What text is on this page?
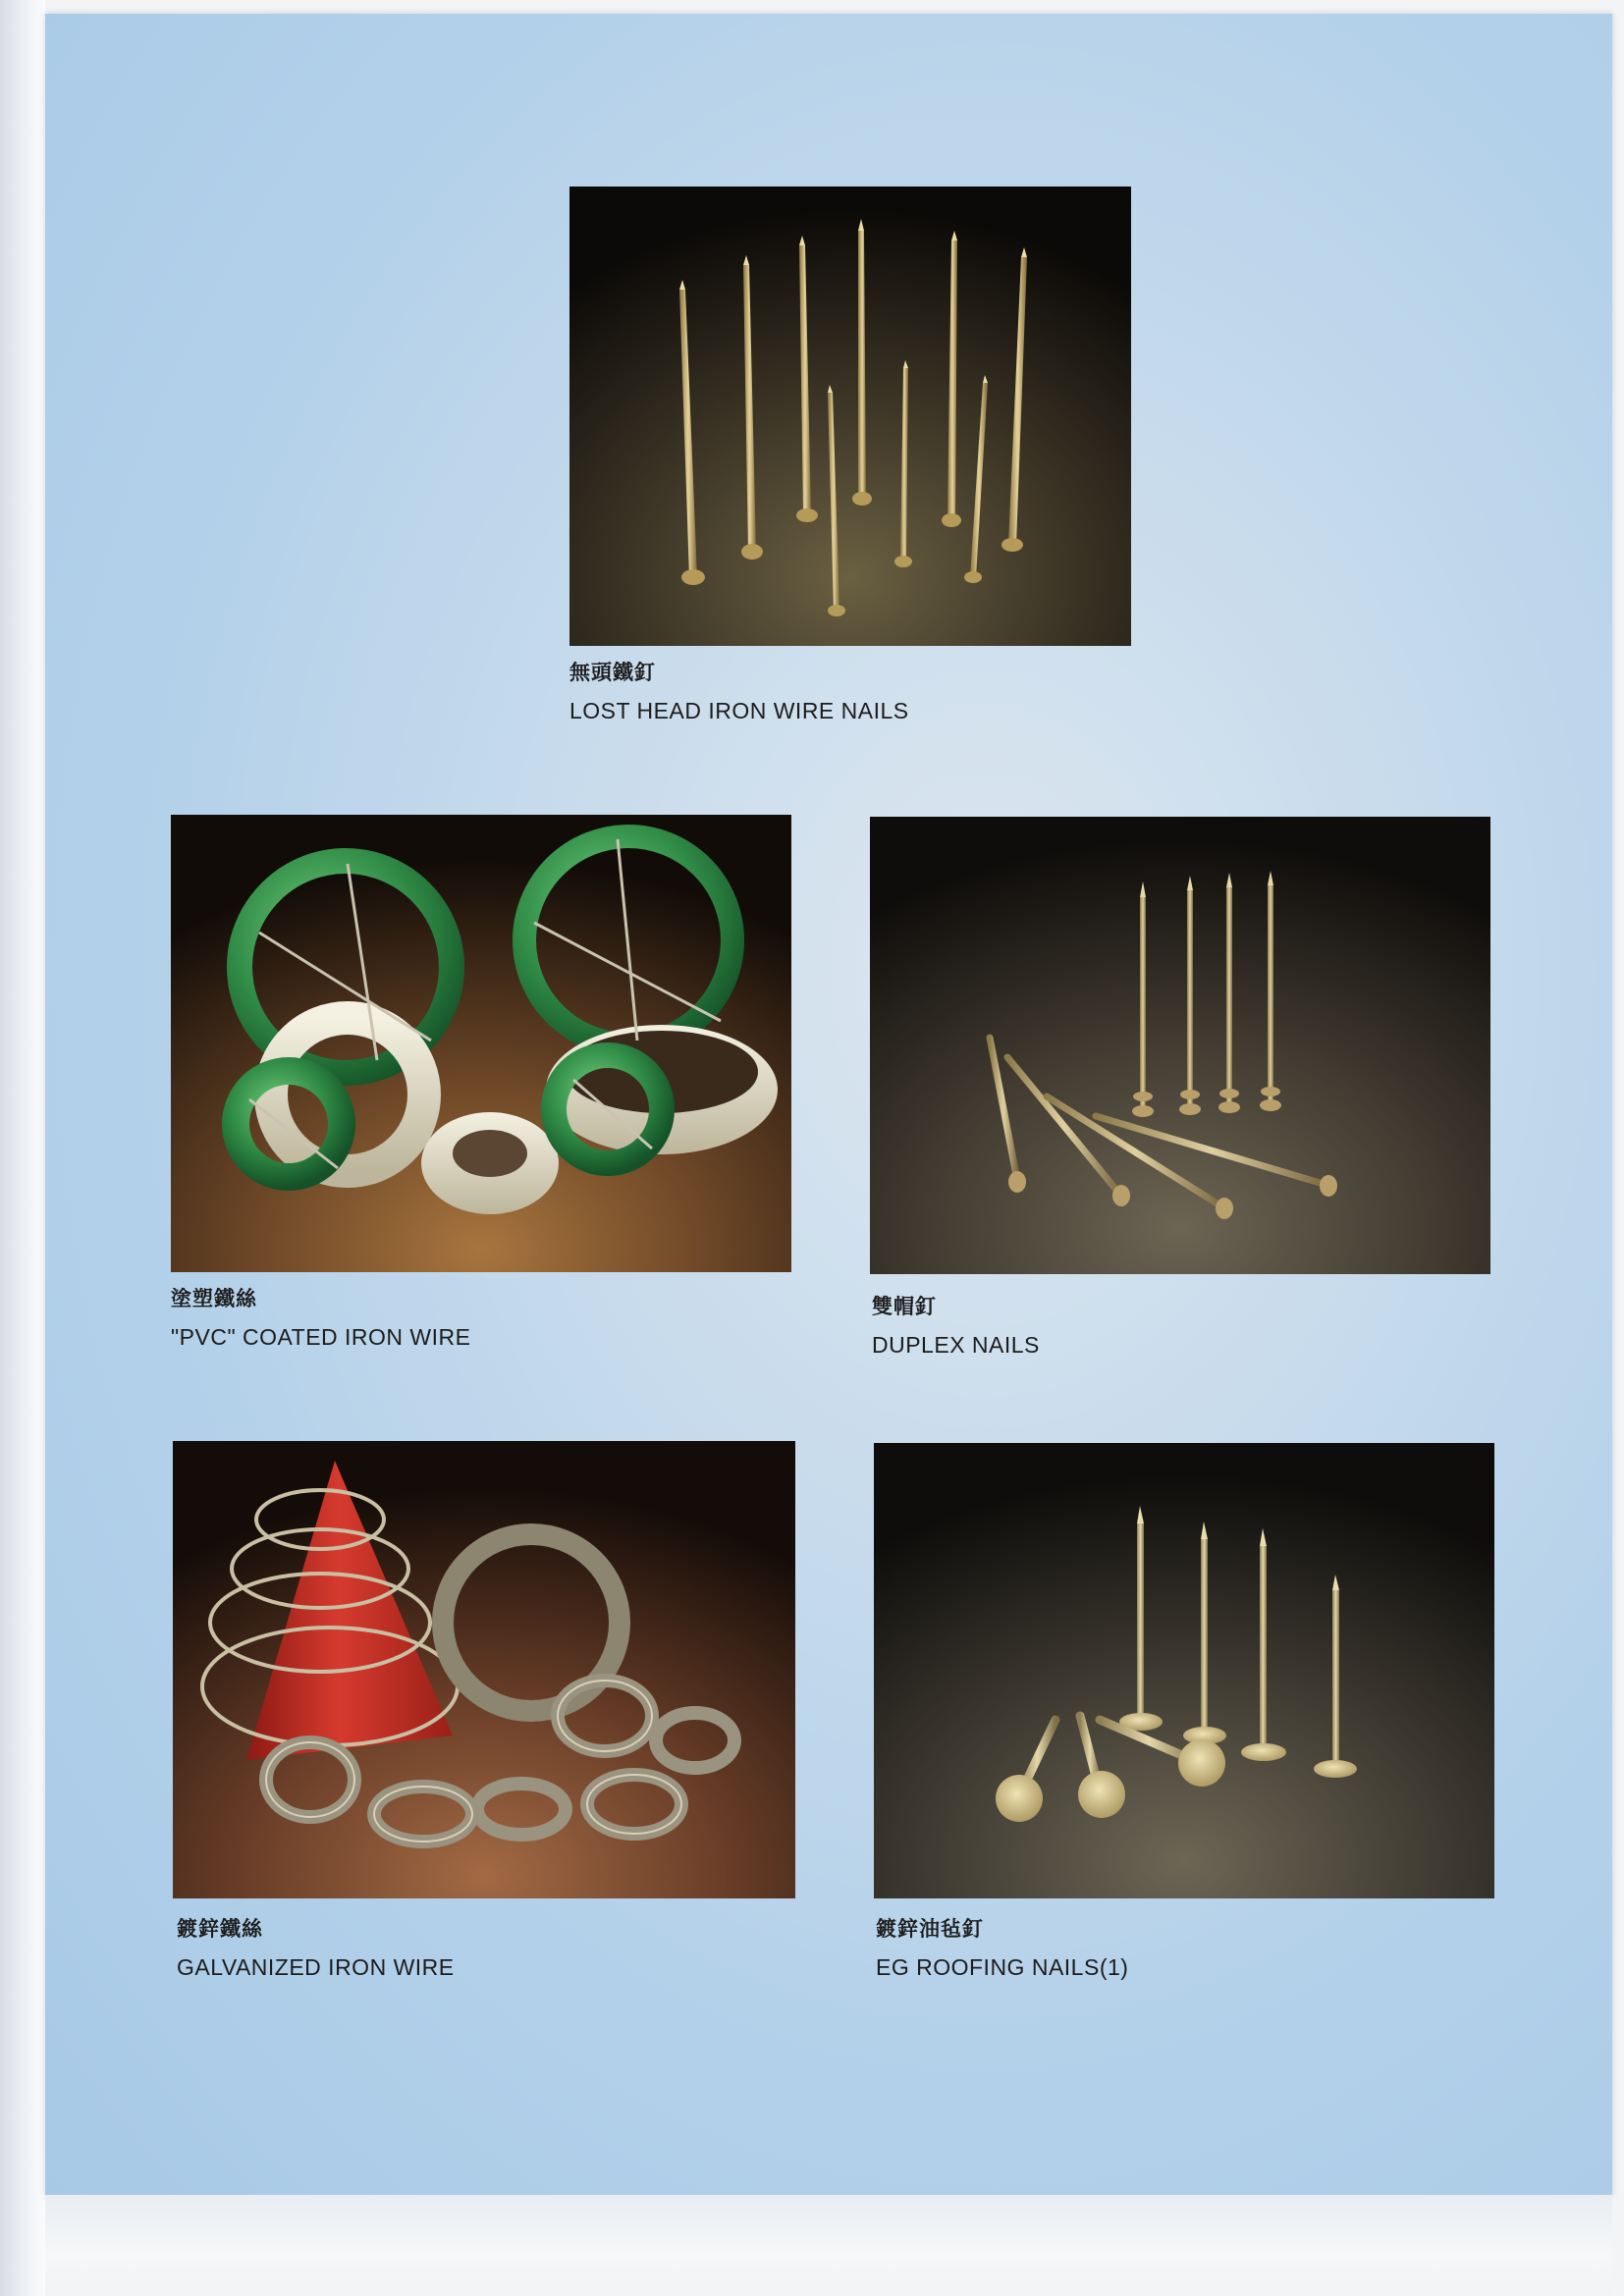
無頭鐵釘
LOST HEAD IRON WIRE NAILS
塗塑鐵絲
"PVC" COATED IRON WIRE
雙帽釘
DUPLEX NAILS
鍍鋅鐵絲
GALVANIZED IRON WIRE
鍍鋅油毡釘
EG ROOFING NAILS(1)
